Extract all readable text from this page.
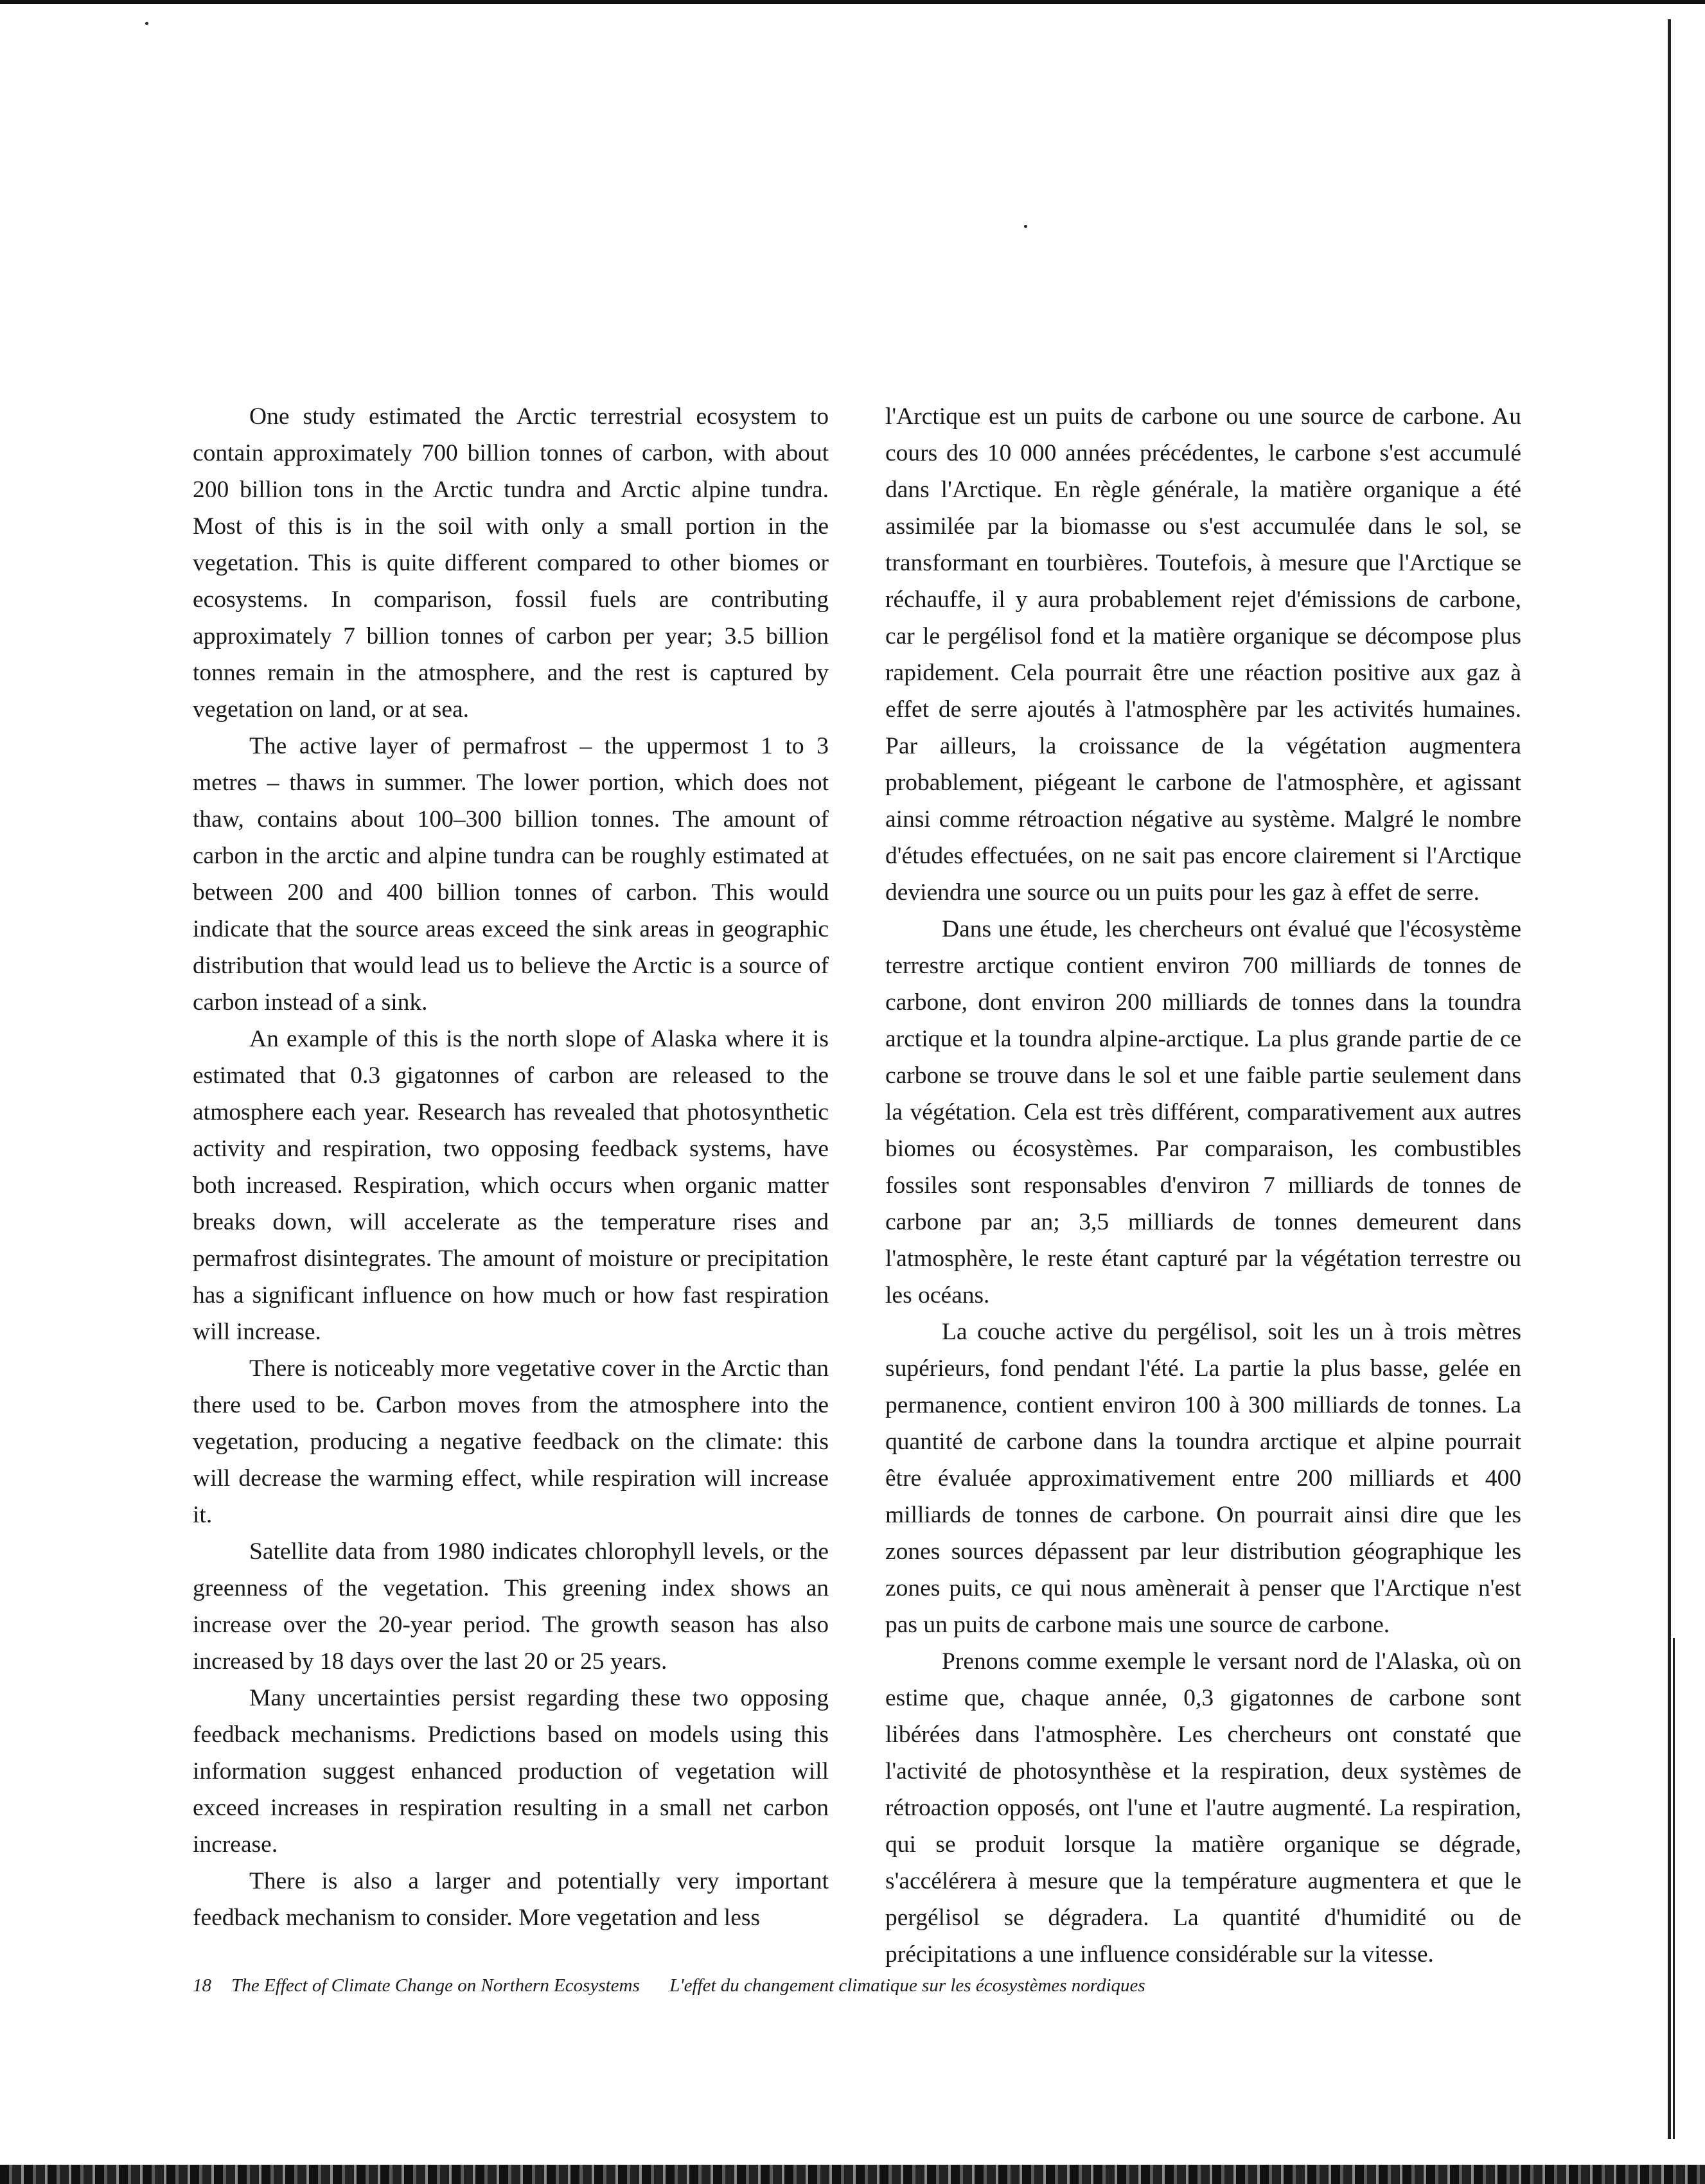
One study estimated the Arctic terrestrial ecosystem to contain approximately 700 billion tonnes of carbon, with about 200 billion tons in the Arctic tundra and Arctic alpine tundra. Most of this is in the soil with only a small portion in the vegetation. This is quite different compared to other biomes or ecosystems. In comparison, fossil fuels are contributing approximately 7 billion tonnes of carbon per year; 3.5 billion tonnes remain in the atmosphere, and the rest is captured by vegetation on land, or at sea.

The active layer of permafrost – the uppermost 1 to 3 metres – thaws in summer. The lower portion, which does not thaw, contains about 100–300 billion tonnes. The amount of carbon in the arctic and alpine tundra can be roughly estimated at between 200 and 400 billion tonnes of carbon. This would indicate that the source areas exceed the sink areas in geographic distribution that would lead us to believe the Arctic is a source of carbon instead of a sink.

An example of this is the north slope of Alaska where it is estimated that 0.3 gigatonnes of carbon are released to the atmosphere each year. Research has revealed that photosynthetic activity and respiration, two opposing feedback systems, have both increased. Respiration, which occurs when organic matter breaks down, will accelerate as the temperature rises and permafrost disintegrates. The amount of moisture or precipitation has a significant influence on how much or how fast respiration will increase.

There is noticeably more vegetative cover in the Arctic than there used to be. Carbon moves from the atmosphere into the vegetation, producing a negative feedback on the climate: this will decrease the warming effect, while respiration will increase it.

Satellite data from 1980 indicates chlorophyll levels, or the greenness of the vegetation. This greening index shows an increase over the 20-year period. The growth season has also increased by 18 days over the last 20 or 25 years.

Many uncertainties persist regarding these two opposing feedback mechanisms. Predictions based on models using this information suggest enhanced production of vegetation will exceed increases in respiration resulting in a small net carbon increase.

There is also a larger and potentially very important feedback mechanism to consider. More vegetation and less

l'Arctique est un puits de carbone ou une source de carbone. Au cours des 10 000 années précédentes, le carbone s'est accumulé dans l'Arctique. En règle générale, la matière organique a été assimilée par la biomasse ou s'est accumulée dans le sol, se transformant en tourbières. Toutefois, à mesure que l'Arctique se réchauffe, il y aura probablement rejet d'émissions de carbone, car le pergélisol fond et la matière organique se décompose plus rapidement. Cela pourrait être une réaction positive aux gaz à effet de serre ajoutés à l'atmosphère par les activités humaines. Par ailleurs, la croissance de la végétation augmentera probablement, piégeant le carbone de l'atmosphère, et agissant ainsi comme rétroaction négative au système. Malgré le nombre d'études effectuées, on ne sait pas encore clairement si l'Arctique deviendra une source ou un puits pour les gaz à effet de serre.

Dans une étude, les chercheurs ont évalué que l'écosystème terrestre arctique contient environ 700 milliards de tonnes de carbone, dont environ 200 milliards de tonnes dans la toundra arctique et la toundra alpine-arctique. La plus grande partie de ce carbone se trouve dans le sol et une faible partie seulement dans la végétation. Cela est très différent, comparativement aux autres biomes ou écosystèmes. Par comparaison, les combustibles fossiles sont responsables d'environ 7 milliards de tonnes de carbone par an; 3,5 milliards de tonnes demeurent dans l'atmosphère, le reste étant capturé par la végétation terrestre ou les océans.

La couche active du pergélisol, soit les un à trois mètres supérieurs, fond pendant l'été. La partie la plus basse, gelée en permanence, contient environ 100 à 300 milliards de tonnes. La quantité de carbone dans la toundra arctique et alpine pourrait être évaluée approximativement entre 200 milliards et 400 milliards de tonnes de carbone. On pourrait ainsi dire que les zones sources dépassent par leur distribution géographique les zones puits, ce qui nous amènerait à penser que l'Arctique n'est pas un puits de carbone mais une source de carbone.

Prenons comme exemple le versant nord de l'Alaska, où on estime que, chaque année, 0,3 gigatonnes de carbone sont libérées dans l'atmosphère. Les chercheurs ont constaté que l'activité de photosynthèse et la respiration, deux systèmes de rétroaction opposés, ont l'une et l'autre augmenté. La respiration, qui se produit lorsque la matière organique se dégrade, s'accélérera à mesure que la température augmentera et que le pergélisol se dégradera. La quantité d'humidité ou de précipitations a une influence considérable sur la vitesse.

18 The Effect of Climate Change on Northern Ecosystems L'effet du changement climatique sur les écosystèmes nordiques
